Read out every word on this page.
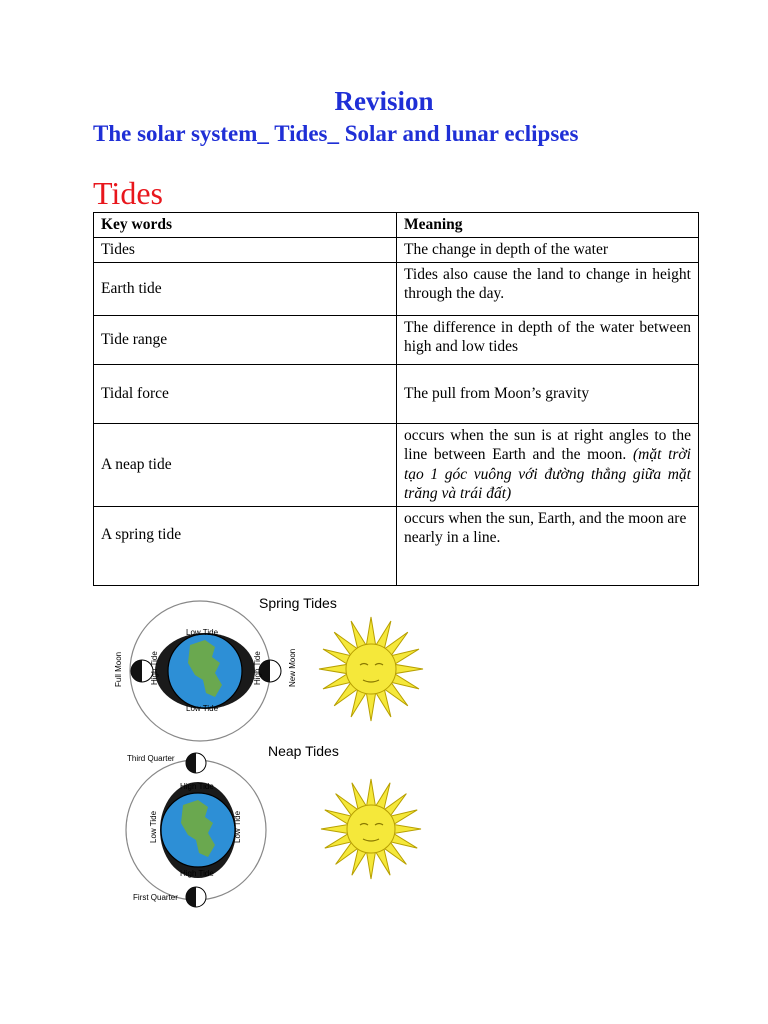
Revision
The solar system_ Tides_ Solar and lunar eclipses
Tides
Key words	Meaning
Tides	The change in depth of the water
Earth tide	Tides also cause the land to change in height through the day.
Tide range	The difference in depth of the water between high and low tides
Tidal force	The pull from Moon’s gravity
A neap tide	occurs when the sun is at right angles to the line between Earth and the moon. (mặt trời tạo 1 góc vuông với đường thẳng giữa mặt trăng và trái đất)
A spring tide	occurs when the sun, Earth, and the moon are nearly in a line.
Spring Tides
Low Tide
Low Tide
High Tide	High Tide
Full Moon	New Moon
Neap Tides
Third Quarter
First Quarter
High Tide
High Tide
Low Tide	Low Tide
